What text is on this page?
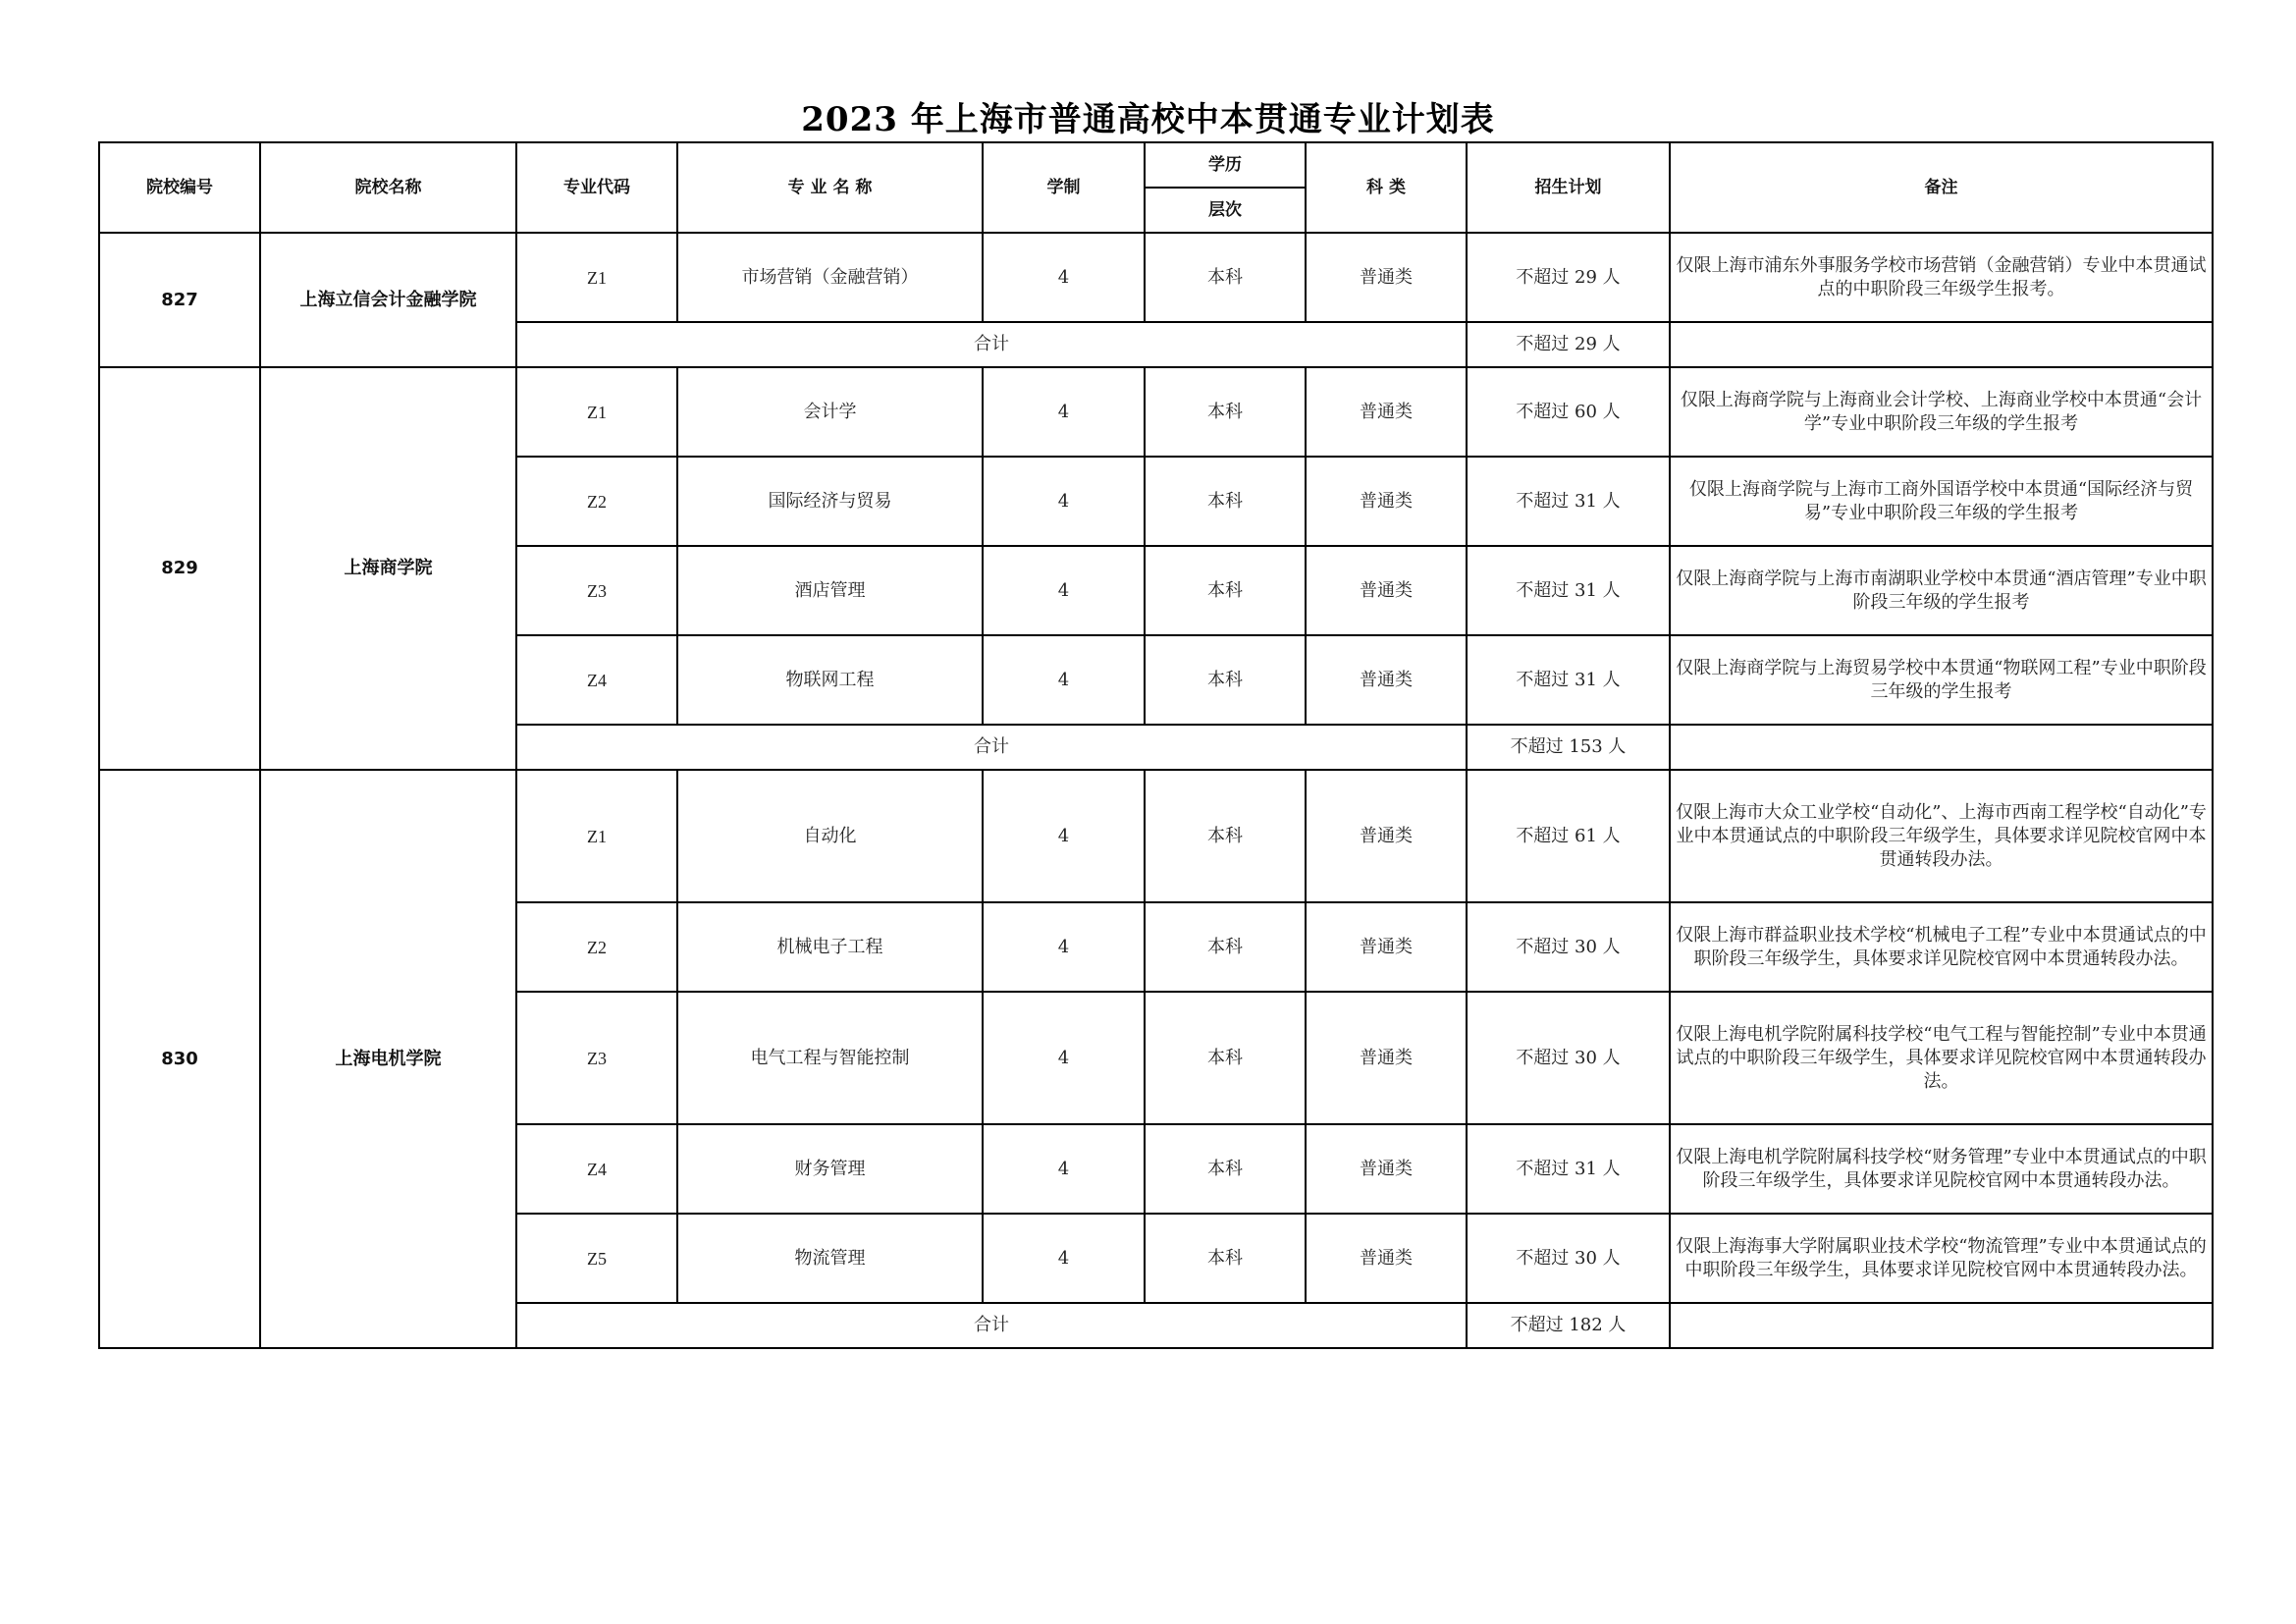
2023 年上海市普通高校中本贯通专业计划表
院校编号	院校名称	专业代码	专 业 名 称	学制	学历	科 类	招生计划	备注
					层次			
827	上海立信会计金融学院	Z1	市场营销（金融营销）	4	本科	普通类	不超过 29 人	仅限上海市浦东外事服务学校市场营销（金融营销）专业中本贯通试点的中职阶段三年级学生报考。
		合计					不超过 29 人	
829	上海商学院	Z1	会计学	4	本科	普通类	不超过 60 人	仅限上海商学院与上海商业会计学校、上海商业学校中本贯通“会计学”专业中职阶段三年级的学生报考
		Z2	国际经济与贸易	4	本科	普通类	不超过 31 人	仅限上海商学院与上海市工商外国语学校中本贯通“国际经济与贸易”专业中职阶段三年级的学生报考
		Z3	酒店管理	4	本科	普通类	不超过 31 人	仅限上海商学院与上海市南湖职业学校中本贯通“酒店管理”专业中职阶段三年级的学生报考
		Z4	物联网工程	4	本科	普通类	不超过 31 人	仅限上海商学院与上海贸易学校中本贯通“物联网工程”专业中职阶段三年级的学生报考
		合计					不超过 153 人	
830	上海电机学院	Z1	自动化	4	本科	普通类	不超过 61 人	仅限上海市大众工业学校“自动化”、上海市西南工程学校“自动化”专业中本贯通试点的中职阶段三年级学生，具体要求详见院校官网中本贯通转段办法。
		Z2	机械电子工程	4	本科	普通类	不超过 30 人	仅限上海市群益职业技术学校“机械电子工程”专业中本贯通试点的中职阶段三年级学生，具体要求详见院校官网中本贯通转段办法。
		Z3	电气工程与智能控制	4	本科	普通类	不超过 30 人	仅限上海电机学院附属科技学校“电气工程与智能控制”专业中本贯通试点的中职阶段三年级学生，具体要求详见院校官网中本贯通转段办法。
		Z4	财务管理	4	本科	普通类	不超过 31 人	仅限上海电机学院附属科技学校“财务管理”专业中本贯通试点的中职阶段三年级学生，具体要求详见院校官网中本贯通转段办法。
		Z5	物流管理	4	本科	普通类	不超过 30 人	仅限上海海事大学附属职业技术学校“物流管理”专业中本贯通试点的中职阶段三年级学生，具体要求详见院校官网中本贯通转段办法。
		合计					不超过 182 人	
